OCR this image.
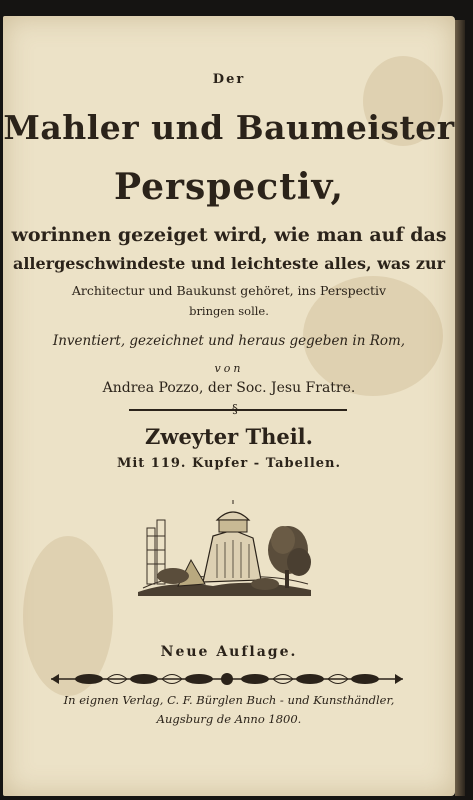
Der
Mahler und Baumeister
Perspectiv,
worinnen gezeiget wird, wie man auf das
allergeschwindeste und leichteste alles, was zur
Architectur und Baukunst gehöret, ins Perspectiv
bringen solle.
Inventiert, gezeichnet und heraus gegeben in Rom,
von
Andrea Pozzo, der Soc. Jesu Fratre.
§
Zweyter Theil.
Mit 119. Kupfer - Tabellen.
Neue Auflage.
In eignen Verlag, C. F. Bürglen Buch - und Kunsthändler,
Augsburg de Anno 1800.
